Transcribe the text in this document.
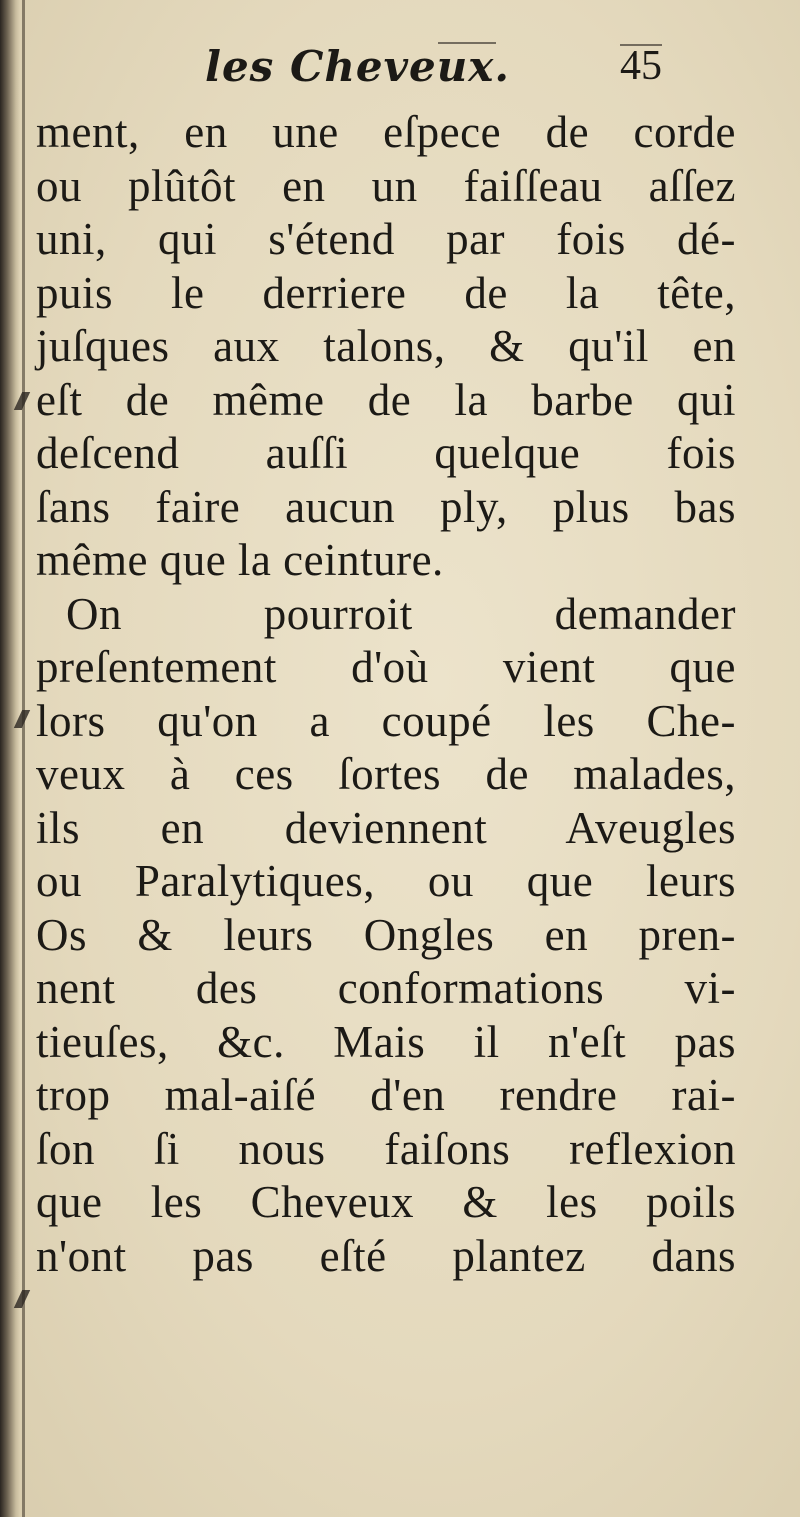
les Cheveux.	45
ment, en une eſpece de corde
ou plûtôt en un faiſſeau aſſez
uni, qui s'étend par fois dé-
puis le derriere de la tête,
juſques aux talons, & qu'il en
eſt de même de la barbe qui
deſcend auſſi quelque fois
ſans faire aucun ply, plus bas
même que la ceinture.
On pourroit demander
preſentement d'où vient que
lors qu'on a coupé les Che-
veux à ces ſortes de malades,
ils en deviennent Aveugles
ou Paralytiques, ou que leurs
Os & leurs Ongles en pren-
nent des conformations vi-
tieuſes, &c. Mais il n'eſt pas
trop mal-aiſé d'en rendre rai-
ſon ſi nous faiſons reflexion
que les Cheveux & les poils
n'ont pas eſté plantez dans
